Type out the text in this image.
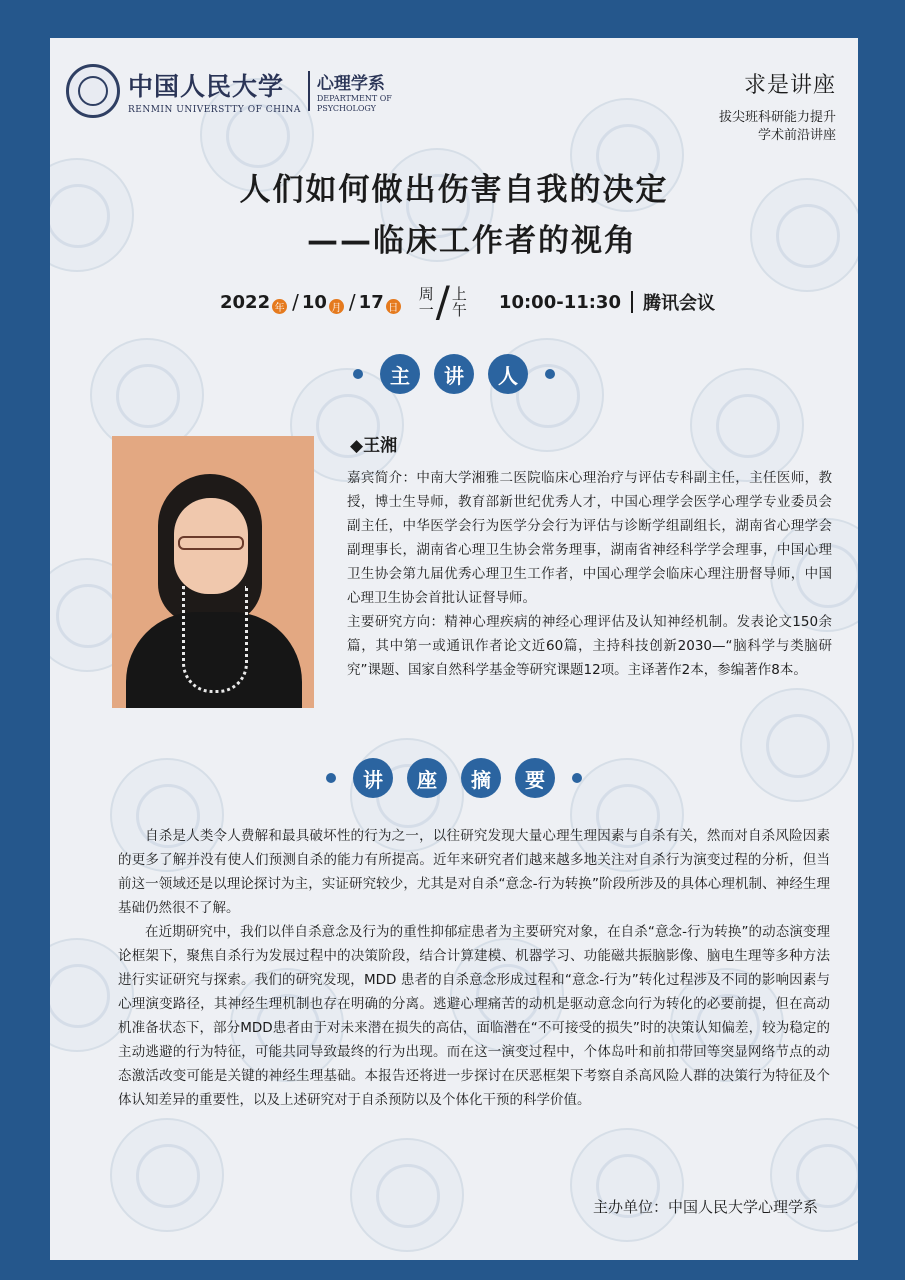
中国人民大学
RENMIN UNIVERSTTY OF CHINA
心理学系
DEPARTMENT OF
PSYCHOLOGY
求是讲座
拔尖班科研能力提升
学术前沿讲座
人们如何做出伤害自我的决定
——临床工作者的视角
2022 年 / 10 月 / 17 日
周
一 / 上
午 10:00-11:30 腾讯会议
主	讲	人
◆王湘
嘉宾简介：中南大学湘雅二医院临床心理治疗与评估专科副主任，主任医师，教授，博士生导师，教育部新世纪优秀人才，中国心理学会医学心理学专业委员会副主任，中华医学会行为医学分会行为评估与诊断学组副组长，湖南省心理学会副理事长，湖南省心理卫生协会常务理事，湖南省神经科学学会理事，中国心理卫生协会第九届优秀心理卫生工作者，中国心理学会临床心理注册督导师，中国心理卫生协会首批认证督导师。
主要研究方向：精神心理疾病的神经心理评估及认知神经机制。发表论文150余篇，其中第一或通讯作者论文近60篇，主持科技创新2030—“脑科学与类脑研究”课题、国家自然科学基金等研究课题12项。主译著作2本，参编著作8本。
讲	座	摘	要

自杀是人类令人费解和最具破坏性的行为之一，以往研究发现大量心理生理因素与自杀有关，然而对自杀风险因素的更多了解并没有使人们预测自杀的能力有所提高。近年来研究者们越来越多地关注对自杀行为演变过程的分析，但当前这一领域还是以理论探讨为主，实证研究较少，尤其是对自杀“意念-行为转换”阶段所涉及的具体心理机制、神经生理基础仍然很不了解。

在近期研究中，我们以伴自杀意念及行为的重性抑郁症患者为主要研究对象，在自杀“意念-行为转换”的动态演变理论框架下，聚焦自杀行为发展过程中的决策阶段，结合计算建模、机器学习、功能磁共振脑影像、脑电生理等多种方法进行实证研究与探索。我们的研究发现，MDD 患者的自杀意念形成过程和“意念-行为”转化过程涉及不同的影响因素与心理演变路径，其神经生理机制也存在明确的分离。逃避心理痛苦的动机是驱动意念向行为转化的必要前提，但在高动机准备状态下，部分MDD患者由于对未来潜在损失的高估，面临潜在“不可接受的损失”时的决策认知偏差，较为稳定的主动逃避的行为特征，可能共同导致最终的行为出现。而在这一演变过程中，个体岛叶和前扣带回等突显网络节点的动态激活改变可能是关键的神经生理基础。本报告还将进一步探讨在厌恶框架下考察自杀高风险人群的决策行为特征及个体认知差异的重要性，以及上述研究对于自杀预防以及个体化干预的科学价值。

主办单位：中国人民大学心理学系
